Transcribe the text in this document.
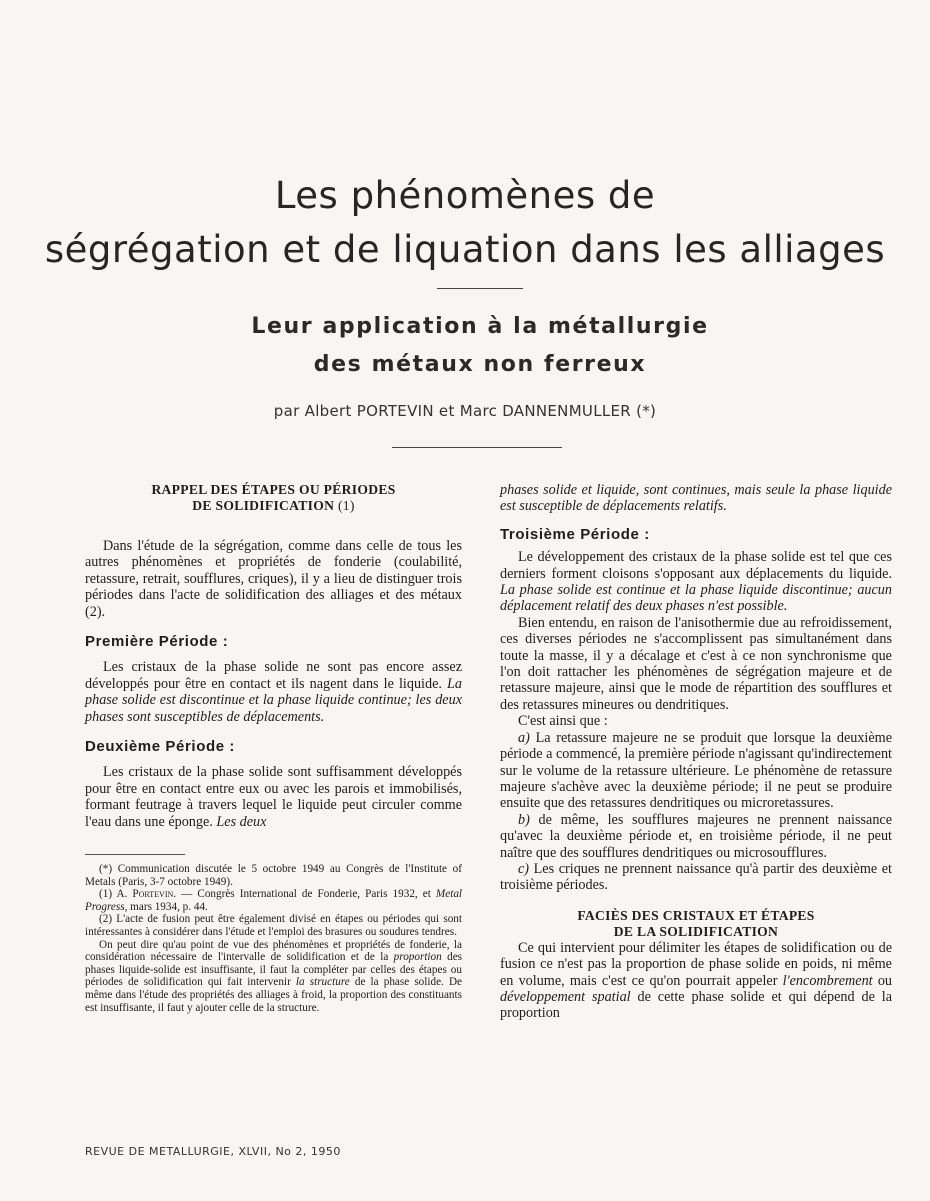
Les phénomènes de
ségrégation et de liquation dans les alliages
Leur application à la métallurgie
des métaux non ferreux
par Albert PORTEVIN et Marc DANNENMULLER (*)
RAPPEL DES ÉTAPES OU PÉRIODES
DE SOLIDIFICATION (1)

Dans l'étude de la ségrégation, comme dans celle de tous les autres phénomènes et propriétés de fonderie (coulabilité, retassure, retrait, soufflures, criques), il y a lieu de distinguer trois périodes dans l'acte de solidification des alliages et des métaux (2).

Première Période :

Les cristaux de la phase solide ne sont pas encore assez développés pour être en contact et ils nagent dans le liquide. La phase solide est discontinue et la phase liquide continue; les deux phases sont susceptibles de déplacements.

Deuxième Période :

Les cristaux de la phase solide sont suffisamment développés pour être en contact entre eux ou avec les parois et immobilisés, formant feutrage à travers lequel le liquide peut circuler comme l'eau dans une éponge. Les deux

(*) Communication discutée le 5 octobre 1949 au Congrès de l'Institute of Metals (Paris, 3-7 octobre 1949).

(1) A. Portevin. — Congrès International de Fonderie, Paris 1932, et Metal Progress, mars 1934, p. 44.

(2) L'acte de fusion peut être également divisé en étapes ou périodes qui sont intéressantes à considérer dans l'étude et l'emploi des brasures ou soudures tendres.

On peut dire qu'au point de vue des phénomènes et propriétés de fonderie, la considération nécessaire de l'intervalle de solidification et de la proportion des phases liquide-solide est insuffisante, il faut la compléter par celles des étapes ou périodes de solidification qui fait intervenir la structure de la phase solide. De même dans l'étude des propriétés des alliages à froid, la proportion des constituants est insuffisante, il faut y ajouter celle de la structure.

phases solide et liquide, sont continues, mais seule la phase liquide est susceptible de déplacements relatifs.

Troisième Période :

Le développement des cristaux de la phase solide est tel que ces derniers forment cloisons s'opposant aux déplacements du liquide. La phase solide est continue et la phase liquide discontinue; aucun déplacement relatif des deux phases n'est possible.

Bien entendu, en raison de l'anisothermie due au refroidissement, ces diverses périodes ne s'accomplissent pas simultanément dans toute la masse, il y a décalage et c'est à ce non synchronisme que l'on doit rattacher les phénomènes de ségrégation majeure et de retassure majeure, ainsi que le mode de répartition des soufflures et des retassures mineures ou dendritiques.

C'est ainsi que :

a) La retassure majeure ne se produit que lorsque la deuxième période a commencé, la première période n'agissant qu'indirectement sur le volume de la retassure ultérieure. Le phénomène de retassure majeure s'achève avec la deuxième période; il ne peut se produire ensuite que des retassures dendritiques ou microretassures.

b) de même, les soufflures majeures ne prennent naissance qu'avec la deuxième période et, en troisième période, il ne peut naître que des soufflures dendritiques ou microsoufflures.

c) Les criques ne prennent naissance qu'à partir des deuxième et troisième périodes.

FACIÈS DES CRISTAUX ET ÉTAPES
DE LA SOLIDIFICATION

Ce qui intervient pour délimiter les étapes de solidification ou de fusion ce n'est pas la proportion de phase solide en poids, ni même en volume, mais c'est ce qu'on pourrait appeler l'encombrement ou développement spatial de cette phase solide et qui dépend de la proportion

REVUE DE METALLURGIE, XLVII, No 2, 1950
